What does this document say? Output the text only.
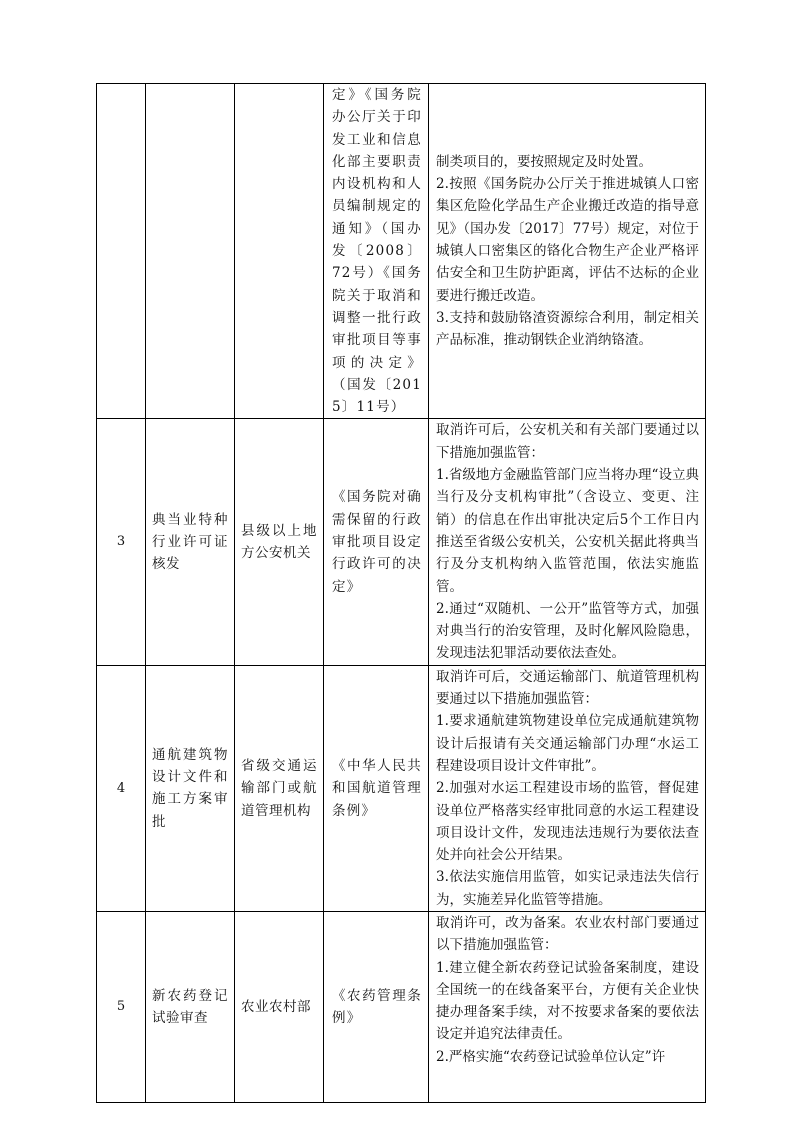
			定》《国务院办公厅关于印发工业和信息化部主要职责内设机构和人员编制规定的通知》（国办发〔2008〕72号）《国务院关于取消和调整一批行政审批项目等事项的决定》（国发〔2015〕11号）	制类项目的，要按照规定及时处置。

2.按照《国务院办公厅关于推进城镇人口密集区危险化学品生产企业搬迁改造的指导意见》（国办发〔2017〕77号）规定，对位于城镇人口密集区的铬化合物生产企业严格评估安全和卫生防护距离，评估不达标的企业要进行搬迁改造。

3.支持和鼓励铬渣资源综合利用，制定相关产品标准，推动钢铁企业消纳铬渣。

3	典当业特种行业许可证核发	县级以上地方公安机关	《国务院对确需保留的行政审批项目设定行政许可的决定》	取消许可后，公安机关和有关部门要通过以下措施加强监管：

1.省级地方金融监管部门应当将办理“设立典当行及分支机构审批”（含设立、变更、注销）的信息在作出审批决定后5个工作日内推送至省级公安机关，公安机关据此将典当行及分支机构纳入监管范围，依法实施监管。

2.通过“双随机、一公开”监管等方式，加强对典当行的治安管理，及时化解风险隐患，发现违法犯罪活动要依法查处。

4	通航建筑物设计文件和施工方案审批	省级交通运输部门或航道管理机构	《中华人民共和国航道管理条例》	取消许可后，交通运输部门、航道管理机构要通过以下措施加强监管：

1.要求通航建筑物建设单位完成通航建筑物设计后报请有关交通运输部门办理“水运工程建设项目设计文件审批”。

2.加强对水运工程建设市场的监管，督促建设单位严格落实经审批同意的水运工程建设项目设计文件，发现违法违规行为要依法查处并向社会公开结果。

3.依法实施信用监管，如实记录违法失信行为，实施差异化监管等措施。

5	新农药登记试验审查	农业农村部	《农药管理条例》	取消许可，改为备案。农业农村部门要通过以下措施加强监管：

1.建立健全新农药登记试验备案制度，建设全国统一的在线备案平台，方便有关企业快捷办理备案手续，对不按要求备案的要依法设定并追究法律责任。

2.严格实施“农药登记试验单位认定”许
